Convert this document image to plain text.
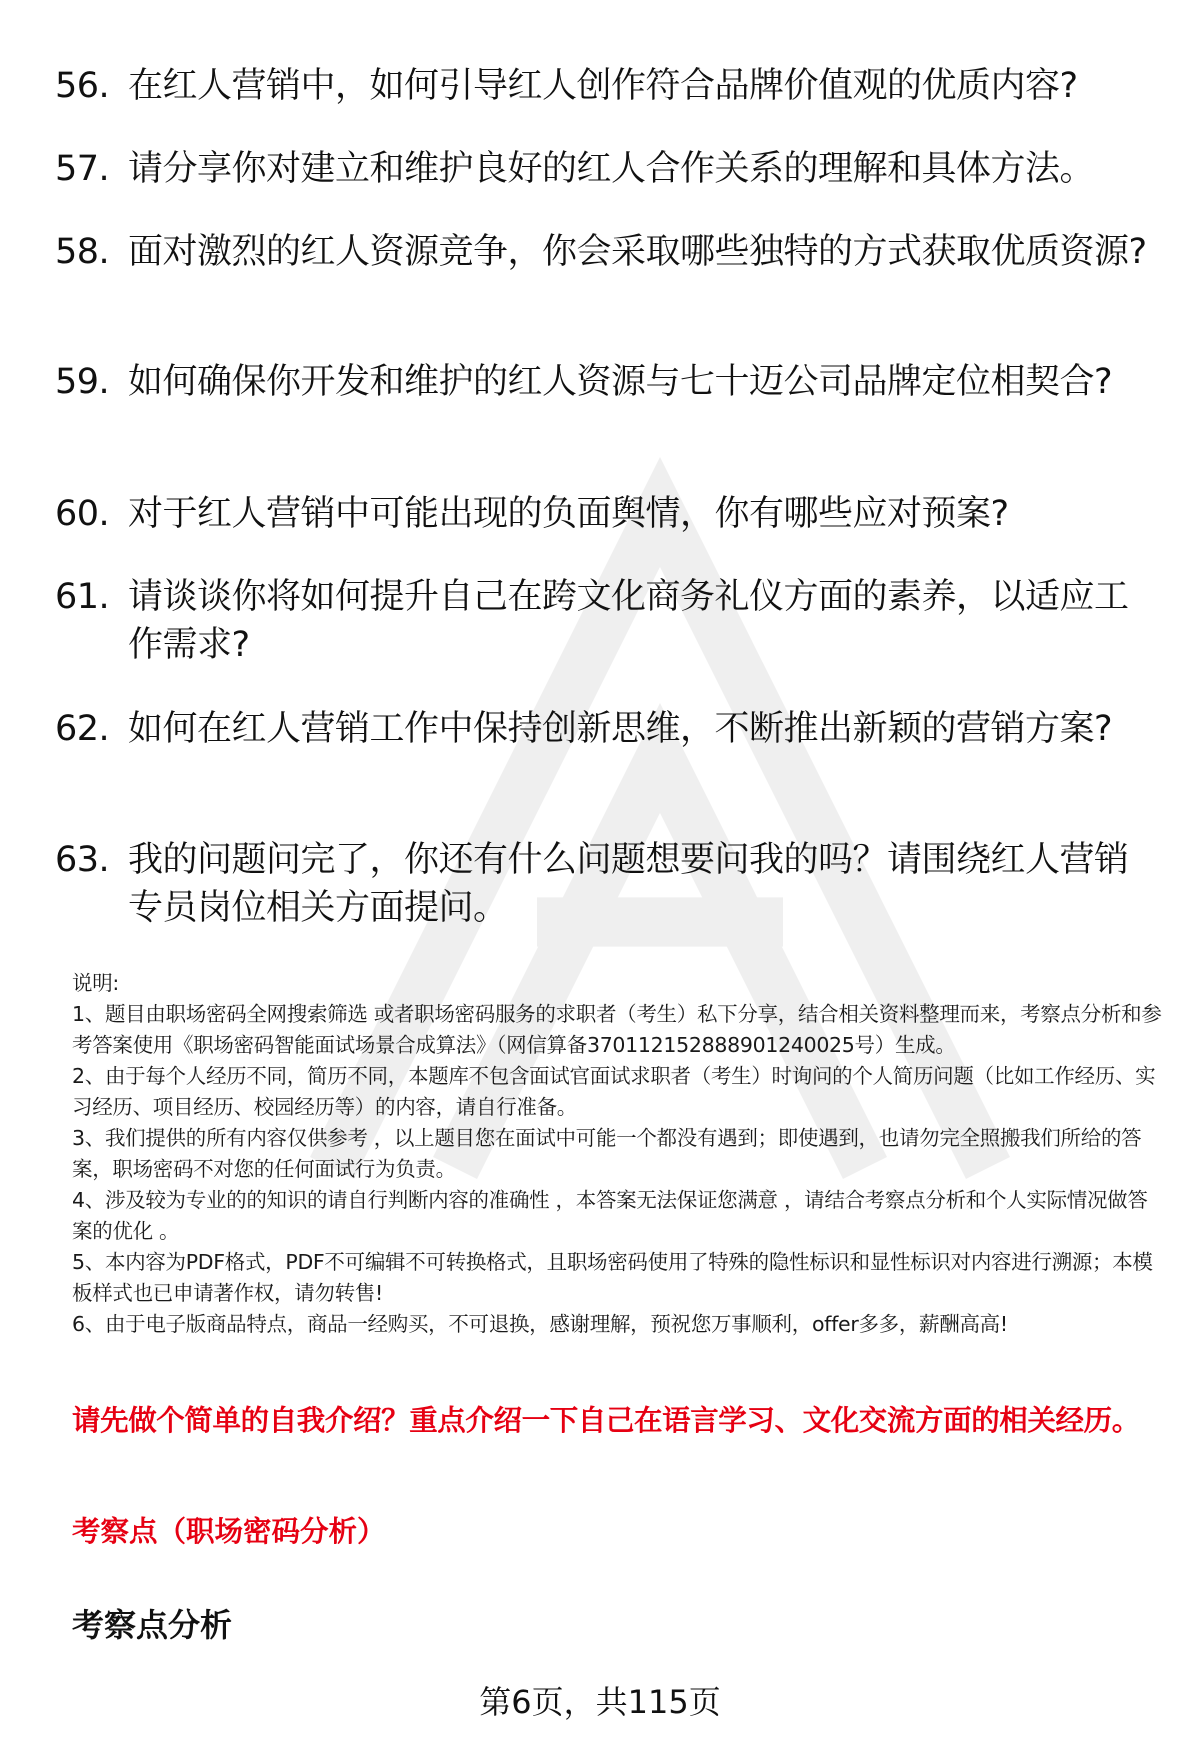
56. 在红人营销中，如何引导红人创作符合品牌价值观的优质内容?
57. 请分享你对建立和维护良好的红人合作关系的理解和具体方法。
58. 面对激烈的红人资源竞争，你会采取哪些独特的方式获取优质资源?
59. 如何确保你开发和维护的红人资源与七十迈公司品牌定位相契合?
60. 对于红人营销中可能出现的负面舆情，你有哪些应对预案?
61. 请谈谈你将如何提升自己在跨文化商务礼仪方面的素养，以适应工作需求?
62. 如何在红人营销工作中保持创新思维，不断推出新颖的营销方案?
63. 我的问题问完了，你还有什么问题想要问我的吗？请围绕红人营销专员岗位相关方面提问。

说明:

1、题目由职场密码全网搜索筛选 或者职场密码服务的求职者（考生）私下分享，结合相关资料整理而来，考察点分析和参考答案使用《职场密码智能面试场景合成算法》（网信算备370112152888901240025号）生成。

2、由于每个人经历不同，简历不同，本题库不包含面试官面试求职者（考生）时询问的个人简历问题（比如工作经历、实习经历、项目经历、校园经历等）的内容，请自行准备。

3、我们提供的所有内容仅供参考 ，以上题目您在面试中可能一个都没有遇到；即使遇到，也请勿完全照搬我们所给的答案，职场密码不对您的任何面试行为负责。

4、涉及较为专业的的知识的请自行判断内容的准确性 ，本答案无法保证您满意 ，请结合考察点分析和个人实际情况做答案的优化 。

5、本内容为PDF格式，PDF不可编辑不可转换格式，且职场密码使用了特殊的隐性标识和显性标识对内容进行溯源；本模板样式也已申请著作权，请勿转售!

6、由于电子版商品特点，商品一经购买，不可退换，感谢理解，预祝您万事顺利，offer多多，薪酬高高!

请先做个简单的自我介绍？重点介绍一下自己在语言学习、文化交流方面的相关经历。
考察点（职场密码分析）
考察点分析
第6页，共115页
